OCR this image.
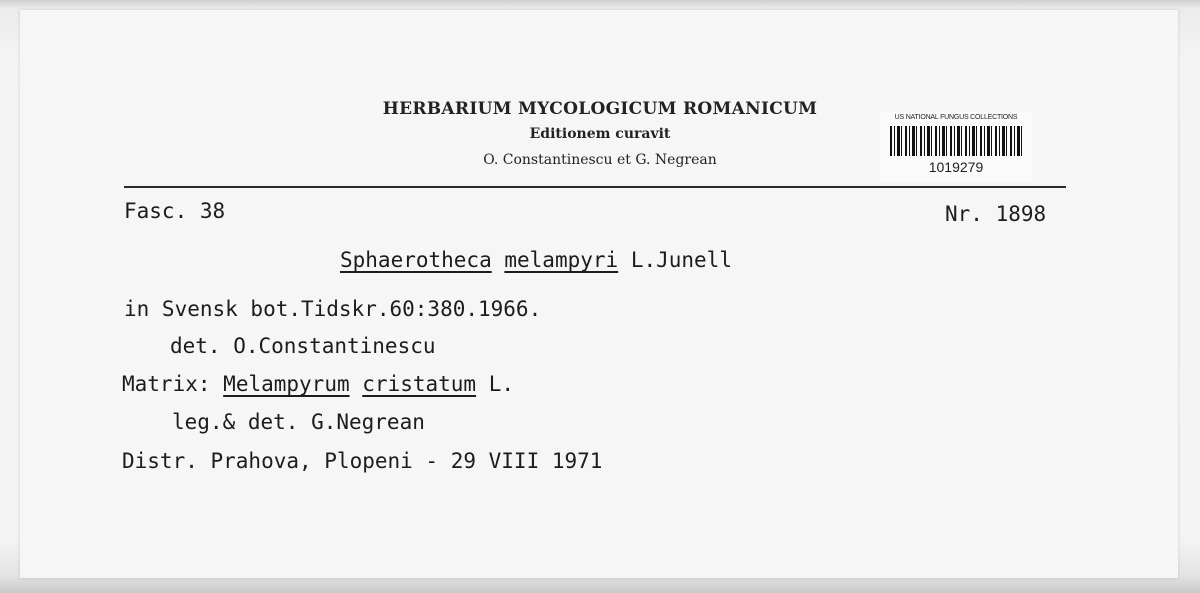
HERBARIUM MYCOLOGICUM ROMANICUM
Editionem curavit
O. Constantinescu et G. Negrean
US NATIONAL FUNGUS COLLECTIONS
1019279
Fasc. 38	Nr. 1898
Sphaerotheca melampyri L.Junell
in Svensk bot.Tidskr.60:380.1966.
det. O.Constantinescu
Matrix: Melampyrum cristatum L.
leg.& det. G.Negrean
Distr. Prahova, Plopeni - 29 VIII 1971
